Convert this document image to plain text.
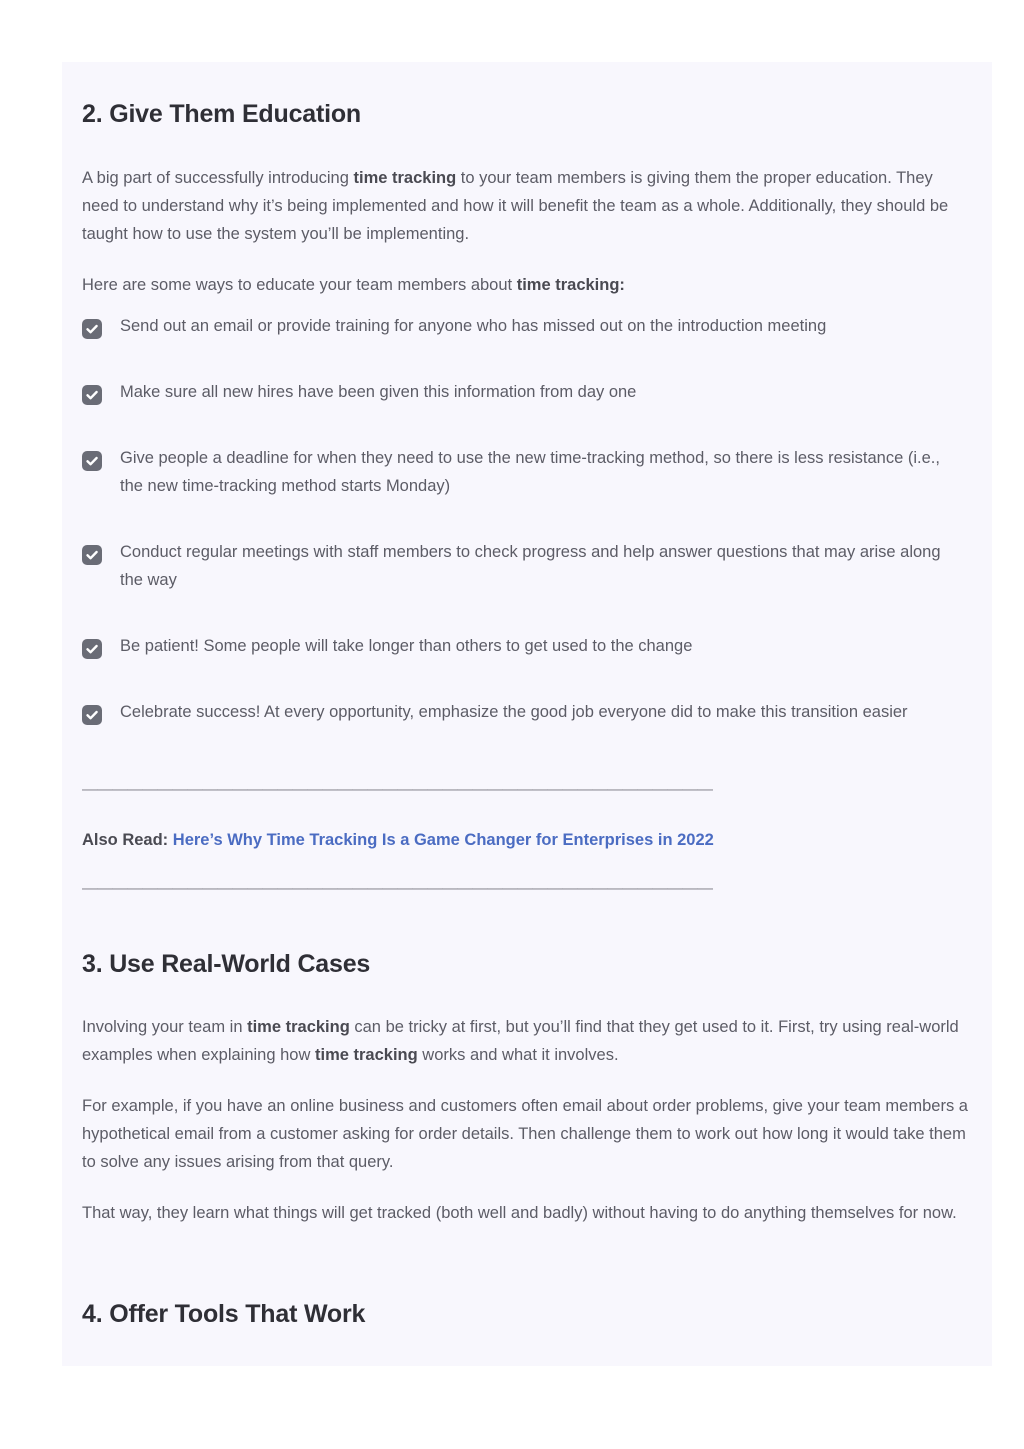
2. Give Them Education

A big part of successfully introducing time tracking to your team members is giving them the proper education. They need to understand why it’s being implemented and how it will benefit the team as a whole. Additionally, they should be taught how to use the system you’ll be implementing.

Here are some ways to educate your team members about time tracking:

Send out an email or provide training for anyone who has missed out on the introduction meeting
Make sure all new hires have been given this information from day one
Give people a deadline for when they need to use the new time-tracking method, so there is less resistance (i.e., the new time-tracking method starts Monday)
Conduct regular meetings with staff members to check progress and help answer questions that may arise along the way
Be patient! Some people will take longer than others to get used to the change
Celebrate success! At every opportunity, emphasize the good job everyone did to make this transition easier
——————————————————————————————————————————

Also Read: Here’s Why Time Tracking Is a Game Changer for Enterprises in 2022

——————————————————————————————————————————
3. Use Real-World Cases

Involving your team in time tracking can be tricky at first, but you’ll find that they get used to it. First, try using real-world examples when explaining how time tracking works and what it involves.

For example, if you have an online business and customers often email about order problems, give your team members a hypothetical email from a customer asking for order details. Then challenge them to work out how long it would take them to solve any issues arising from that query.

That way, they learn what things will get tracked (both well and badly) without having to do anything themselves for now.

4. Offer Tools That Work
